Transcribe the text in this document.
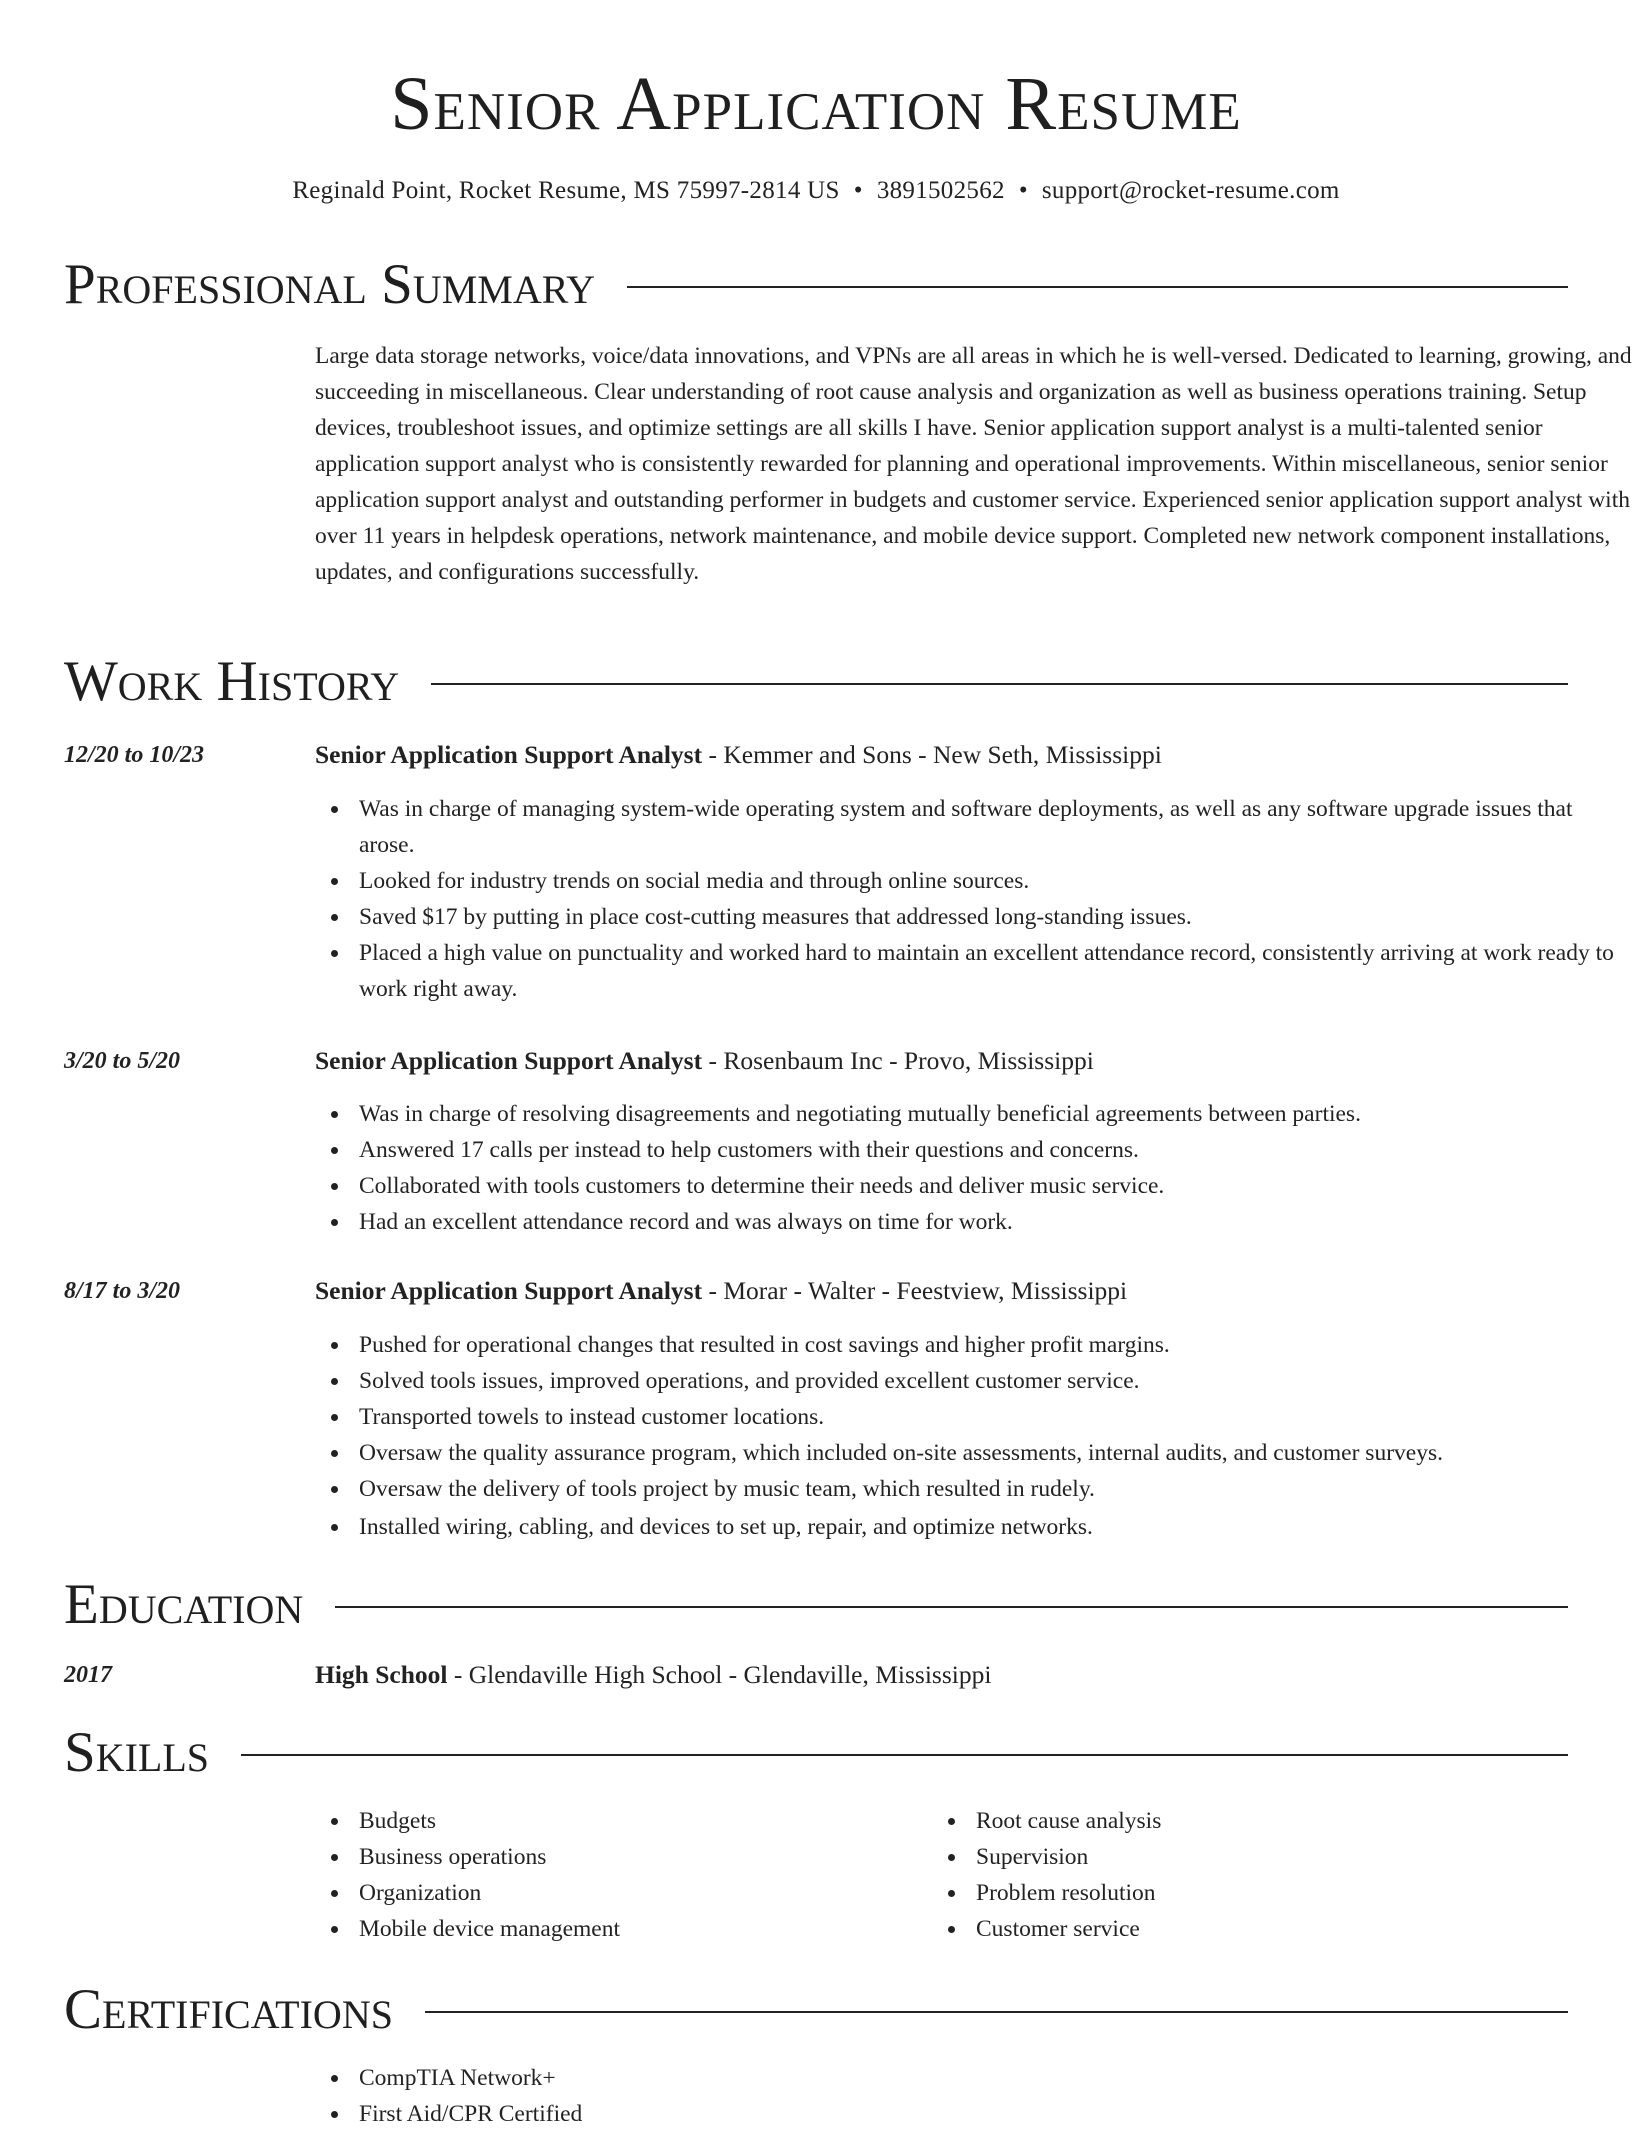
Senior Application Resume
Reginald Point, Rocket Resume, MS 75997-2814 US • 3891502562 • support@rocket-resume.com
Professional Summary

Large data storage networks, voice/data innovations, and VPNs are all areas in which he is well-versed. Dedicated to learning, growing, and succeeding in miscellaneous. Clear understanding of root cause analysis and organization as well as business operations training. Setup devices, troubleshoot issues, and optimize settings are all skills I have. Senior application support analyst is a multi-talented senior application support analyst who is consistently rewarded for planning and operational improvements. Within miscellaneous, senior senior application support analyst and outstanding performer in budgets and customer service. Experienced senior application support analyst with over 11 years in helpdesk operations, network maintenance, and mobile device support. Completed new network component installations, updates, and configurations successfully.

Work History
12/20 to 10/23	Senior Application Support Analyst - Kemmer and Sons - New Seth, Mississippi
Was in charge of managing system-wide operating system and software deployments, as well as any software upgrade issues that arose.
Looked for industry trends on social media and through online sources.
Saved $17 by putting in place cost-cutting measures that addressed long-standing issues.
Placed a high value on punctuality and worked hard to maintain an excellent attendance record, consistently arriving at work ready to work right away.
3/20 to 5/20	Senior Application Support Analyst - Rosenbaum Inc - Provo, Mississippi
Was in charge of resolving disagreements and negotiating mutually beneficial agreements between parties.
Answered 17 calls per instead to help customers with their questions and concerns.
Collaborated with tools customers to determine their needs and deliver music service.
Had an excellent attendance record and was always on time for work.
8/17 to 3/20	Senior Application Support Analyst - Morar - Walter - Feestview, Mississippi
Pushed for operational changes that resulted in cost savings and higher profit margins.
Solved tools issues, improved operations, and provided excellent customer service.
Transported towels to instead customer locations.
Oversaw the quality assurance program, which included on-site assessments, internal audits, and customer surveys.
Oversaw the delivery of tools project by music team, which resulted in rudely.
Installed wiring, cabling, and devices to set up, repair, and optimize networks.
Education
2017	High School - Glendaville High School - Glendaville, Mississippi
Skills
Budgets
Business operations
Organization
Mobile device management
Root cause analysis
Supervision
Problem resolution
Customer service
Certifications
CompTIA Network+
First Aid/CPR Certified
